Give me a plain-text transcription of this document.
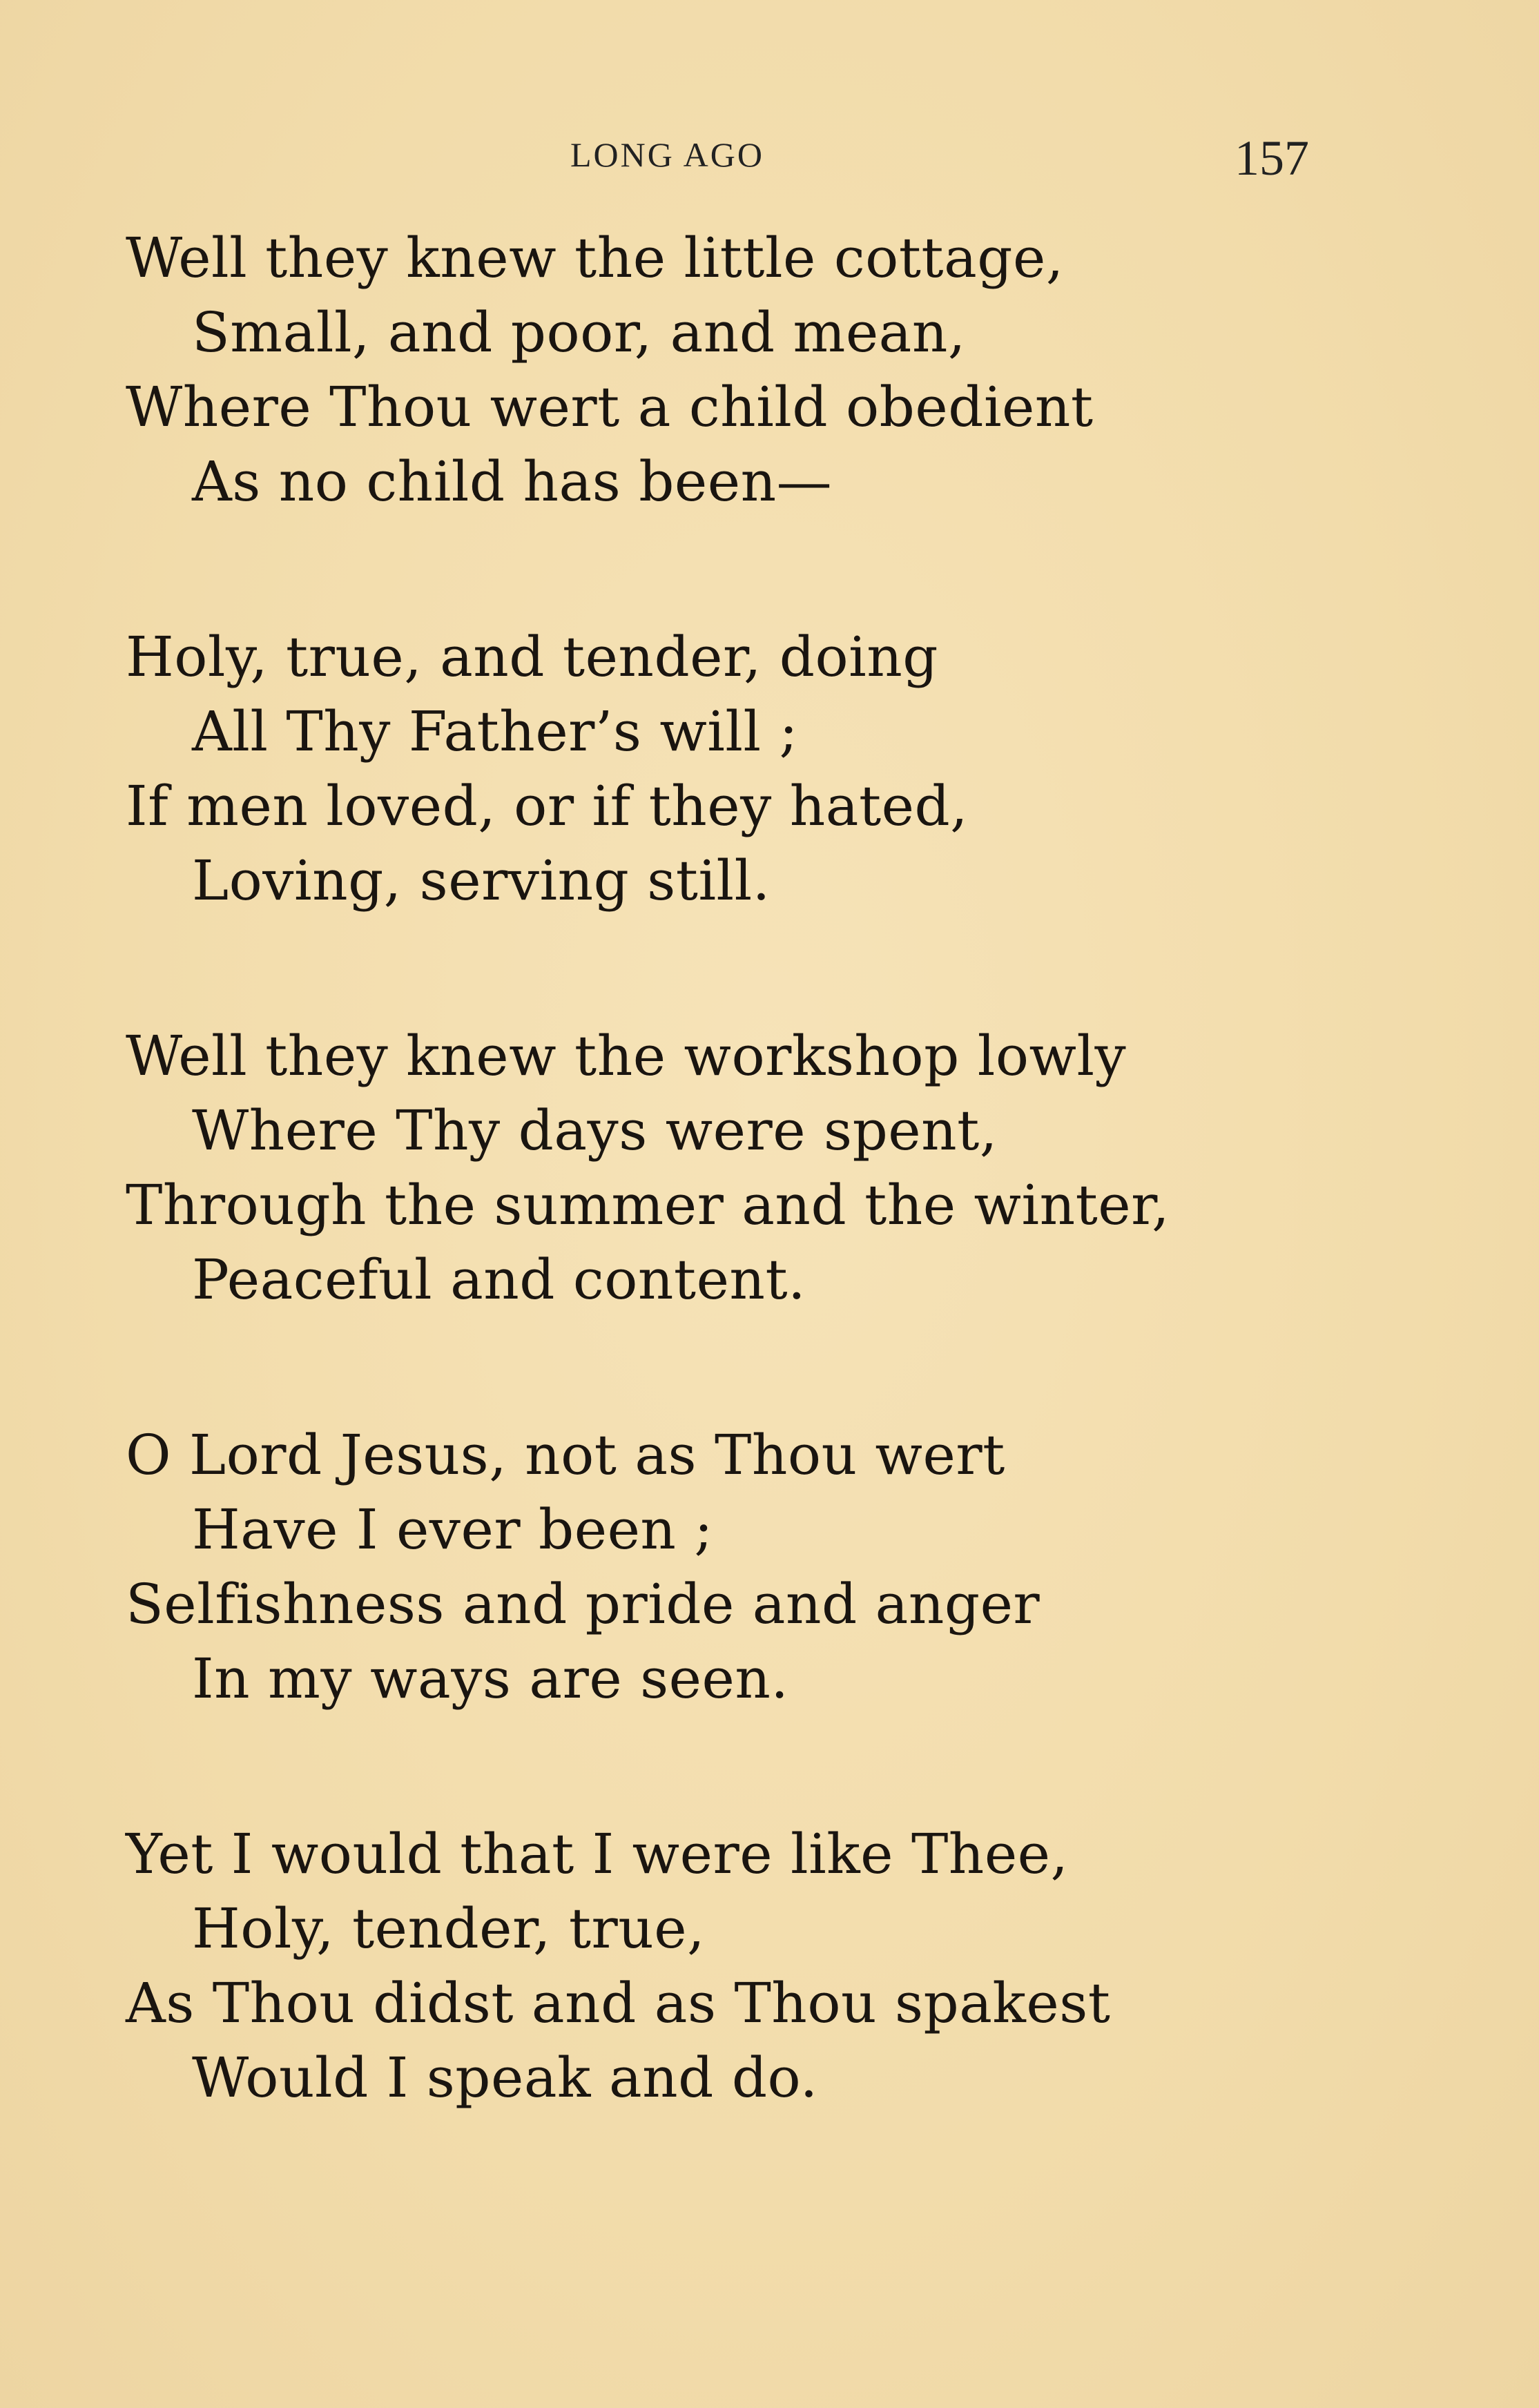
LONG AGO	157
Well they knew the little cottage,
Small, and poor, and mean,
Where Thou wert a child obedient
As no child has been—
Holy, true, and tender, doing
All Thy Father’s will ;
If men loved, or if they hated,
Loving, serving still.
Well they knew the workshop lowly
Where Thy days were spent,
Through the summer and the winter,
Peaceful and content.
O Lord Jesus, not as Thou wert
Have I ever been ;
Selfishness and pride and anger
In my ways are seen.
Yet I would that I were like Thee,
Holy, tender, true,
As Thou didst and as Thou spakest
Would I speak and do.
